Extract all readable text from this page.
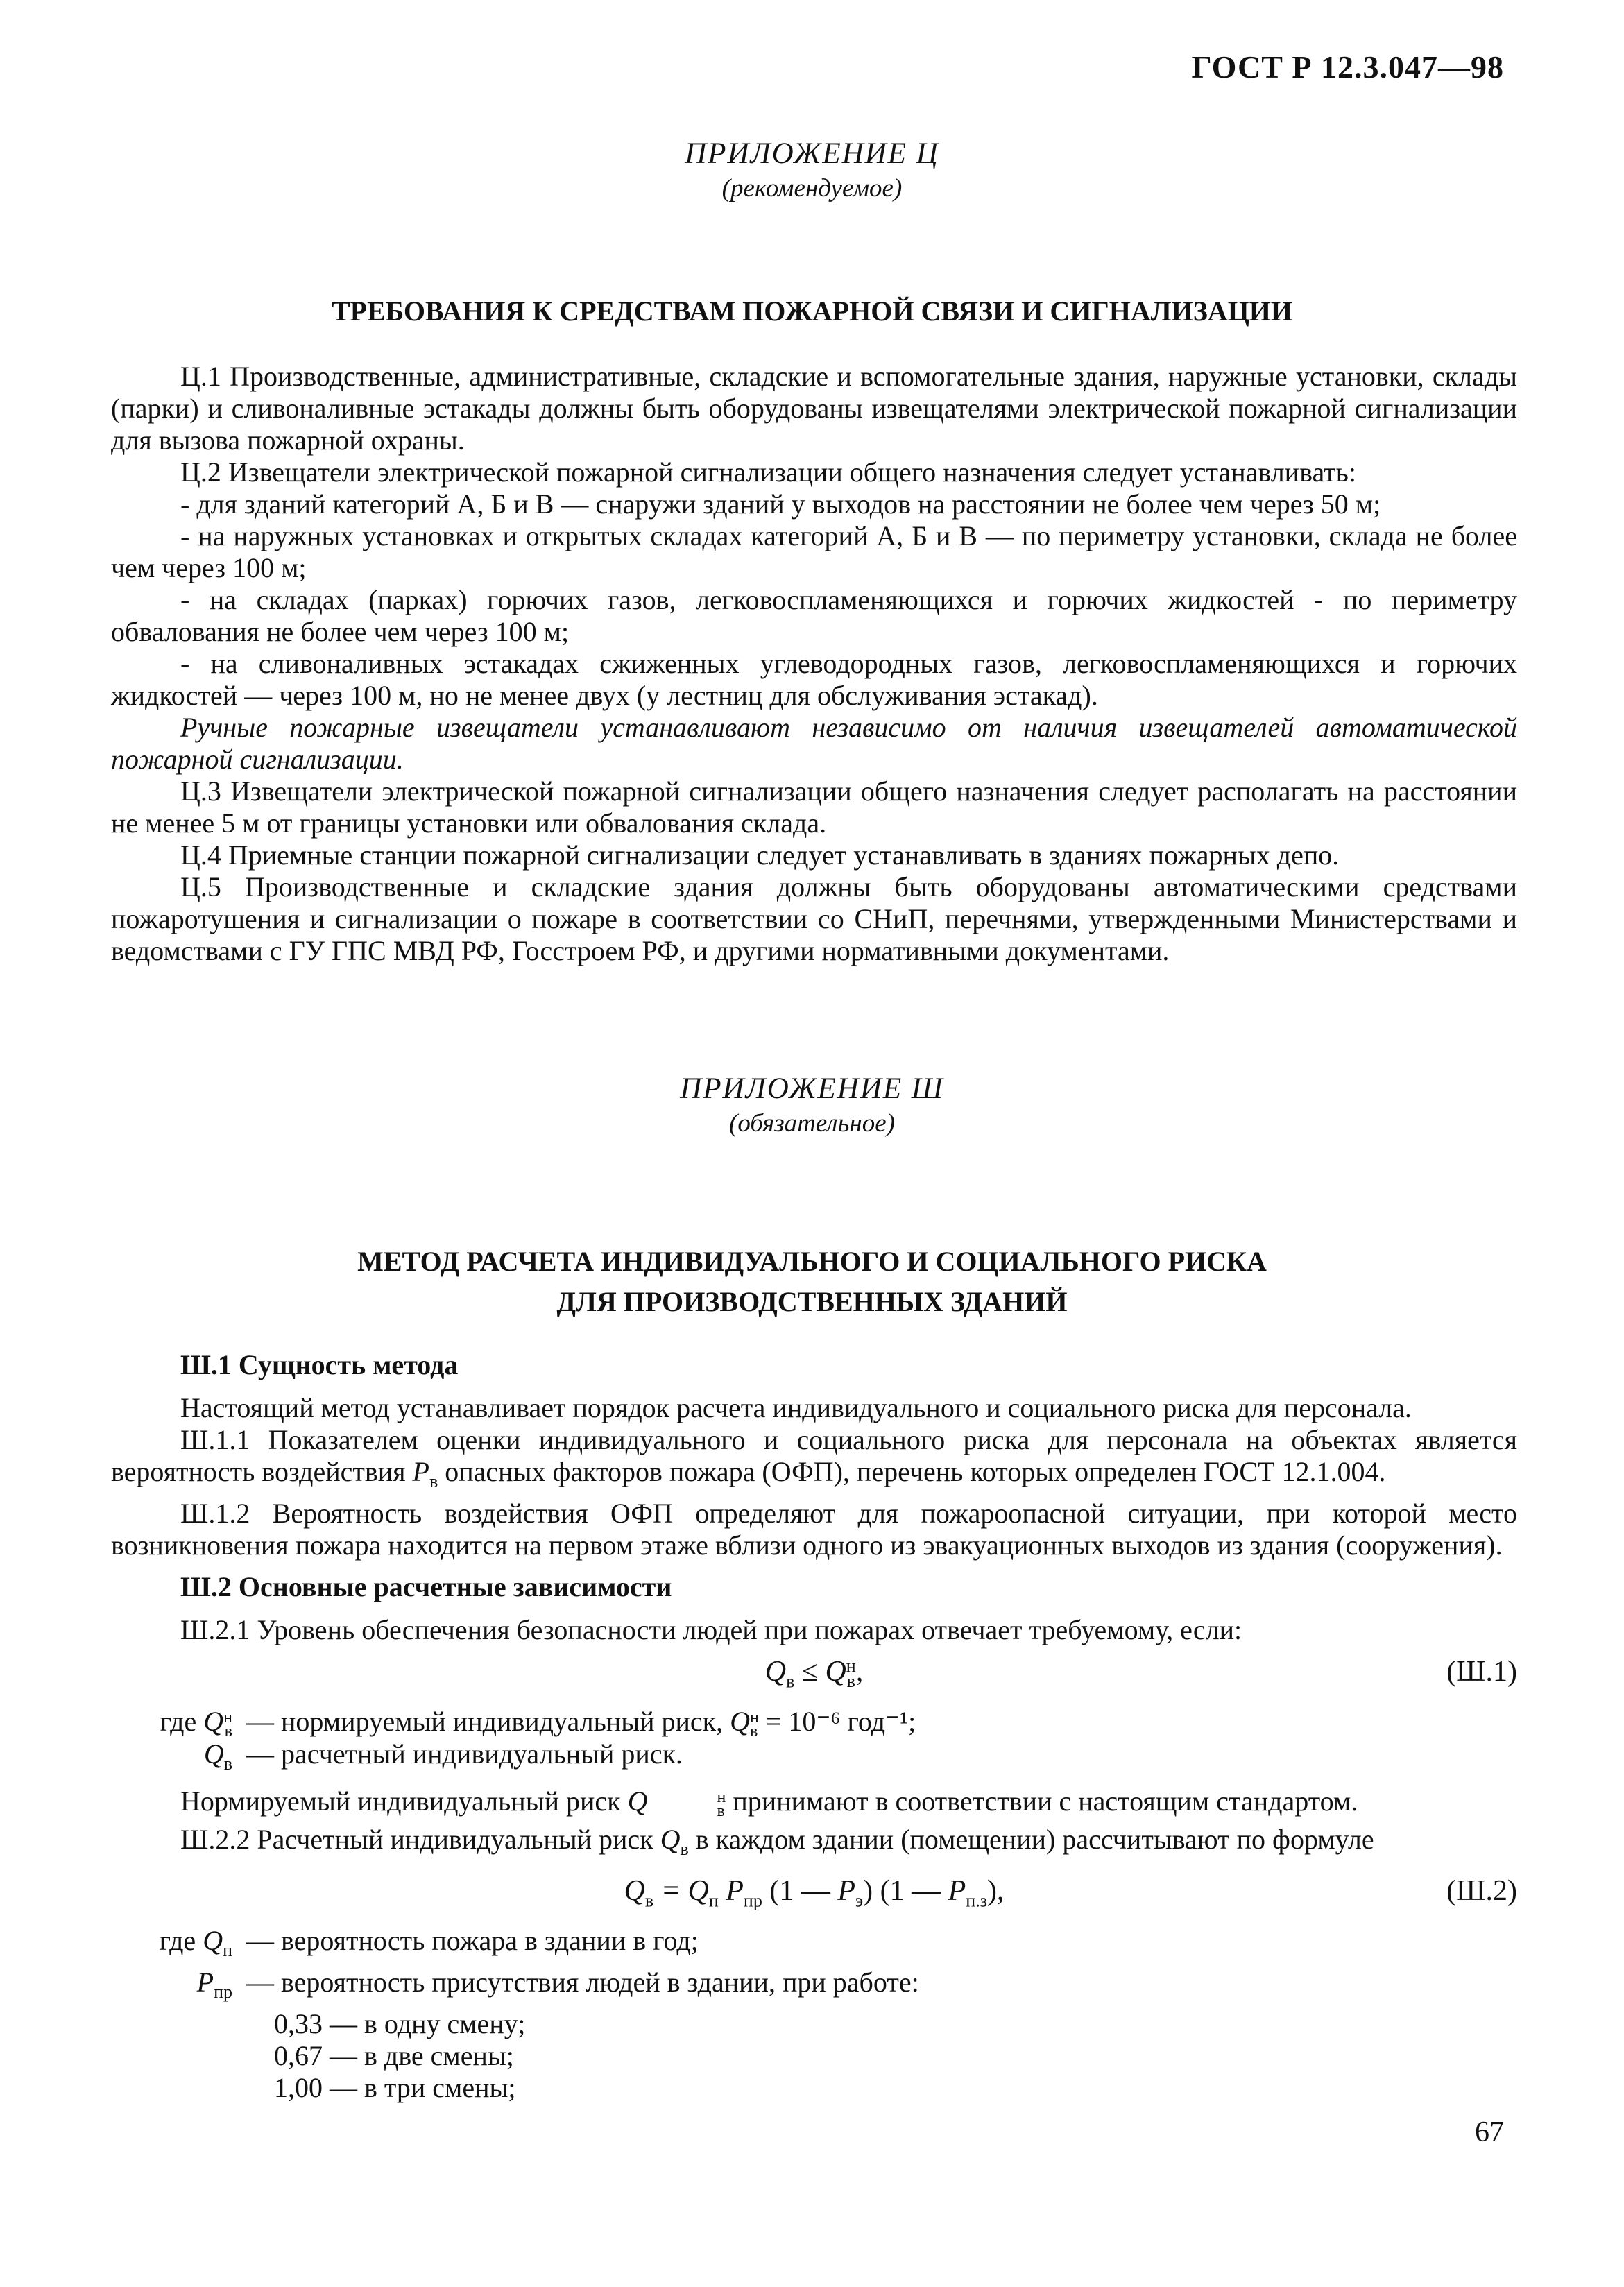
ГОСТ Р 12.3.047—98
ПРИЛОЖЕНИЕ Ц
(рекомендуемое)
ТРЕБОВАНИЯ К СРЕДСТВАМ ПОЖАРНОЙ СВЯЗИ И СИГНАЛИЗАЦИИ

Ц.1 Производственные, административные, складские и вспомогательные здания, наружные установки, склады (парки) и сливоналивные эстакады должны быть оборудованы извещателями электрической пожарной сигнализации для вызова пожарной охраны.

Ц.2 Извещатели электрической пожарной сигнализации общего назначения следует устанавливать:

- для зданий категорий А, Б и В — снаружи зданий у выходов на расстоянии не более чем через 50 м;

- на наружных установках и открытых складах категорий А, Б и В — по периметру установки, склада не более чем через 100 м;

- на складах (парках) горючих газов, легковоспламеняющихся и горючих жидкостей - по периметру обвалования не более чем через 100 м;

- на сливоналивных эстакадах сжиженных углеводородных газов, легковоспламеняющихся и горючих жидкостей — через 100 м, но не менее двух (у лестниц для обслуживания эстакад).

Ручные пожарные извещатели устанавливают независимо от наличия извещателей автоматической пожарной сигнализации.

Ц.3 Извещатели электрической пожарной сигнализации общего назначения следует располагать на расстоянии не менее 5 м от границы установки или обвалования склада.

Ц.4 Приемные станции пожарной сигнализации следует устанавливать в зданиях пожарных депо.

Ц.5 Производственные и складские здания должны быть оборудованы автоматическими средствами пожаротушения и сигнализации о пожаре в соответствии со СНиП, перечнями, утвержденными Министерствами и ведомствами с ГУ ГПС МВД РФ, Госстроем РФ, и другими нормативными документами.

ПРИЛОЖЕНИЕ Ш
(обязательное)
МЕТОД РАСЧЕТА ИНДИВИДУАЛЬНОГО И СОЦИАЛЬНОГО РИСКА
ДЛЯ ПРОИЗВОДСТВЕННЫХ ЗДАНИЙ

Ш.1 Сущность метода

Настоящий метод устанавливает порядок расчета индивидуального и социального риска для персонала.

Ш.1.1 Показателем оценки индивидуального и социального риска для персонала на объектах является вероятность воздействия $P_в$ опасных факторов пожара (ОФП), перечень которых определен ГОСТ 12.1.004.

Ш.1.2 Вероятность воздействия ОФП определяют для пожароопасной ситуации, при которой место возникновения пожара находится на первом этаже вблизи одного из эвакуационных выходов из здания (сооружения).

Ш.2 Основные расчетные зависимости

Ш.2.1 Уровень обеспечения безопасности людей при пожарах отвечает требуемому, если:

$Q_в \le Q$ н
в ,	(Ш.1)
где Q н
в — нормируемый индивидуальный риск, Q н
в = 10⁻⁶ год⁻¹;
$Q_в$ — расчетный индивидуальный риск.

Нормируемый индивидуальный риск Q	н
в принимают в соответствии с настоящим стандартом.

Ш.2.2 Расчетный индивидуальный риск $Q_в$ в каждом здании (помещении) рассчитывают по формуле

$Q_в = Q_п$ $P_{пр}$ (1 — $P_э$) (1 — $P_{п.з}$),	(Ш.2)
где $Q_п$ — вероятность пожара в здании в год;
$P_{пр}$ — вероятность присутствия людей в здании, при работе:
0,33 — в одну смену;
0,67 — в две смены;
1,00 — в три смены;
67
